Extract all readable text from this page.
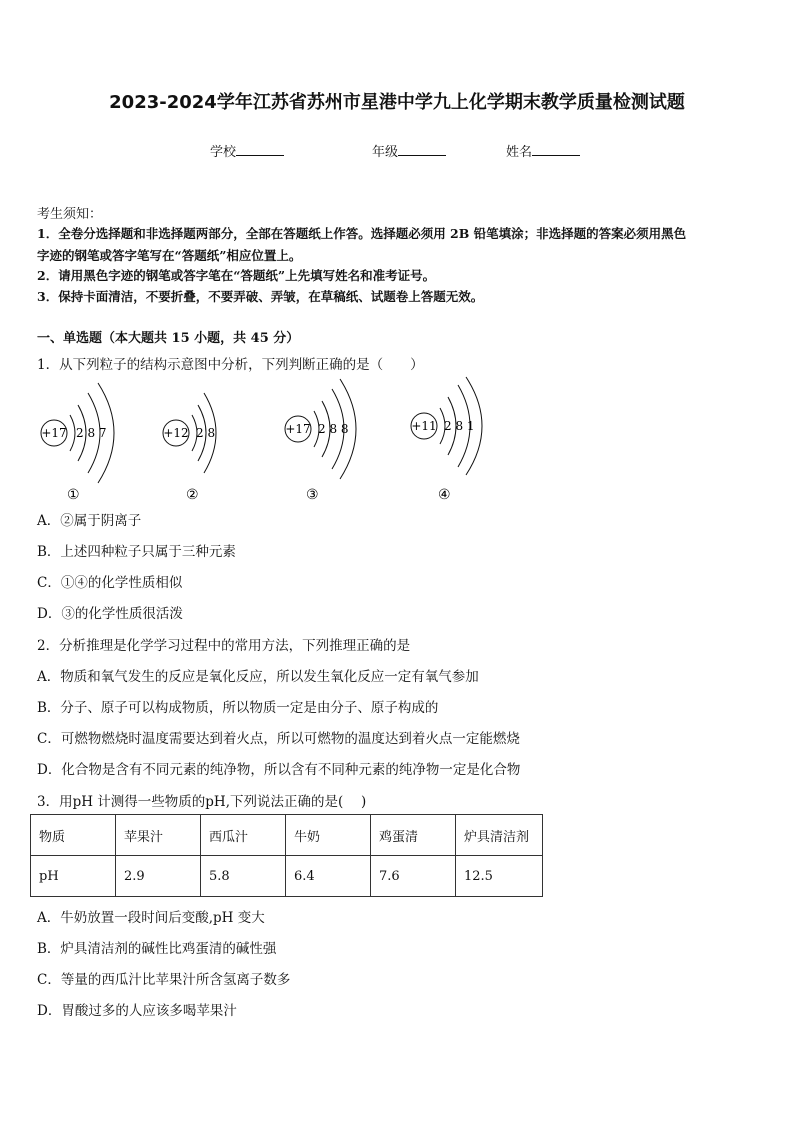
2023-2024学年江苏省苏州市星港中学九上化学期末教学质量检测试题
学校	年级	姓名
考生须知：
1．全卷分选择题和非选择题两部分，全部在答题纸上作答。选择题必须用 2B 铅笔填涂；非选择题的答案必须用黑色
字迹的钢笔或答字笔写在“答题纸”相应位置上。
2．请用黑色字迹的钢笔或答字笔在“答题纸”上先填写姓名和准考证号。
3．保持卡面清洁，不要折叠，不要弄破、弄皱，在草稿纸、试题卷上答题无效。
一、单选题（本大题共 15 小题，共 45 分）
1．从下列粒子的结构示意图中分析，下列判断正确的是（　　）
+17 2 8 7
①
+12 2 8
②
+17 2 8 8
③
+11 2 8 1
④
A．②属于阴离子
B．上述四种粒子只属于三种元素
C．①④的化学性质相似
D．③的化学性质很活泼
2．分析推理是化学学习过程中的常用方法，下列推理正确的是
A．物质和氧气发生的反应是氧化反应，所以发生氧化反应一定有氧气参加
B．分子、原子可以构成物质，所以物质一定是由分子、原子构成的
C．可燃物燃烧时温度需要达到着火点，所以可燃物的温度达到着火点一定能燃烧
D．化合物是含有不同元素的纯净物，所以含有不同种元素的纯净物一定是化合物
3．用pH 计测得一些物质的pH,下列说法正确的是(　 )
物质	苹果汁	西瓜汁	牛奶	鸡蛋清	炉具清洁剂
pH	2.9	5.8	6.4	7.6	12.5
A．牛奶放置一段时间后变酸,pH 变大
B．炉具清洁剂的碱性比鸡蛋清的碱性强
C．等量的西瓜汁比苹果汁所含氢离子数多
D．胃酸过多的人应该多喝苹果汁
